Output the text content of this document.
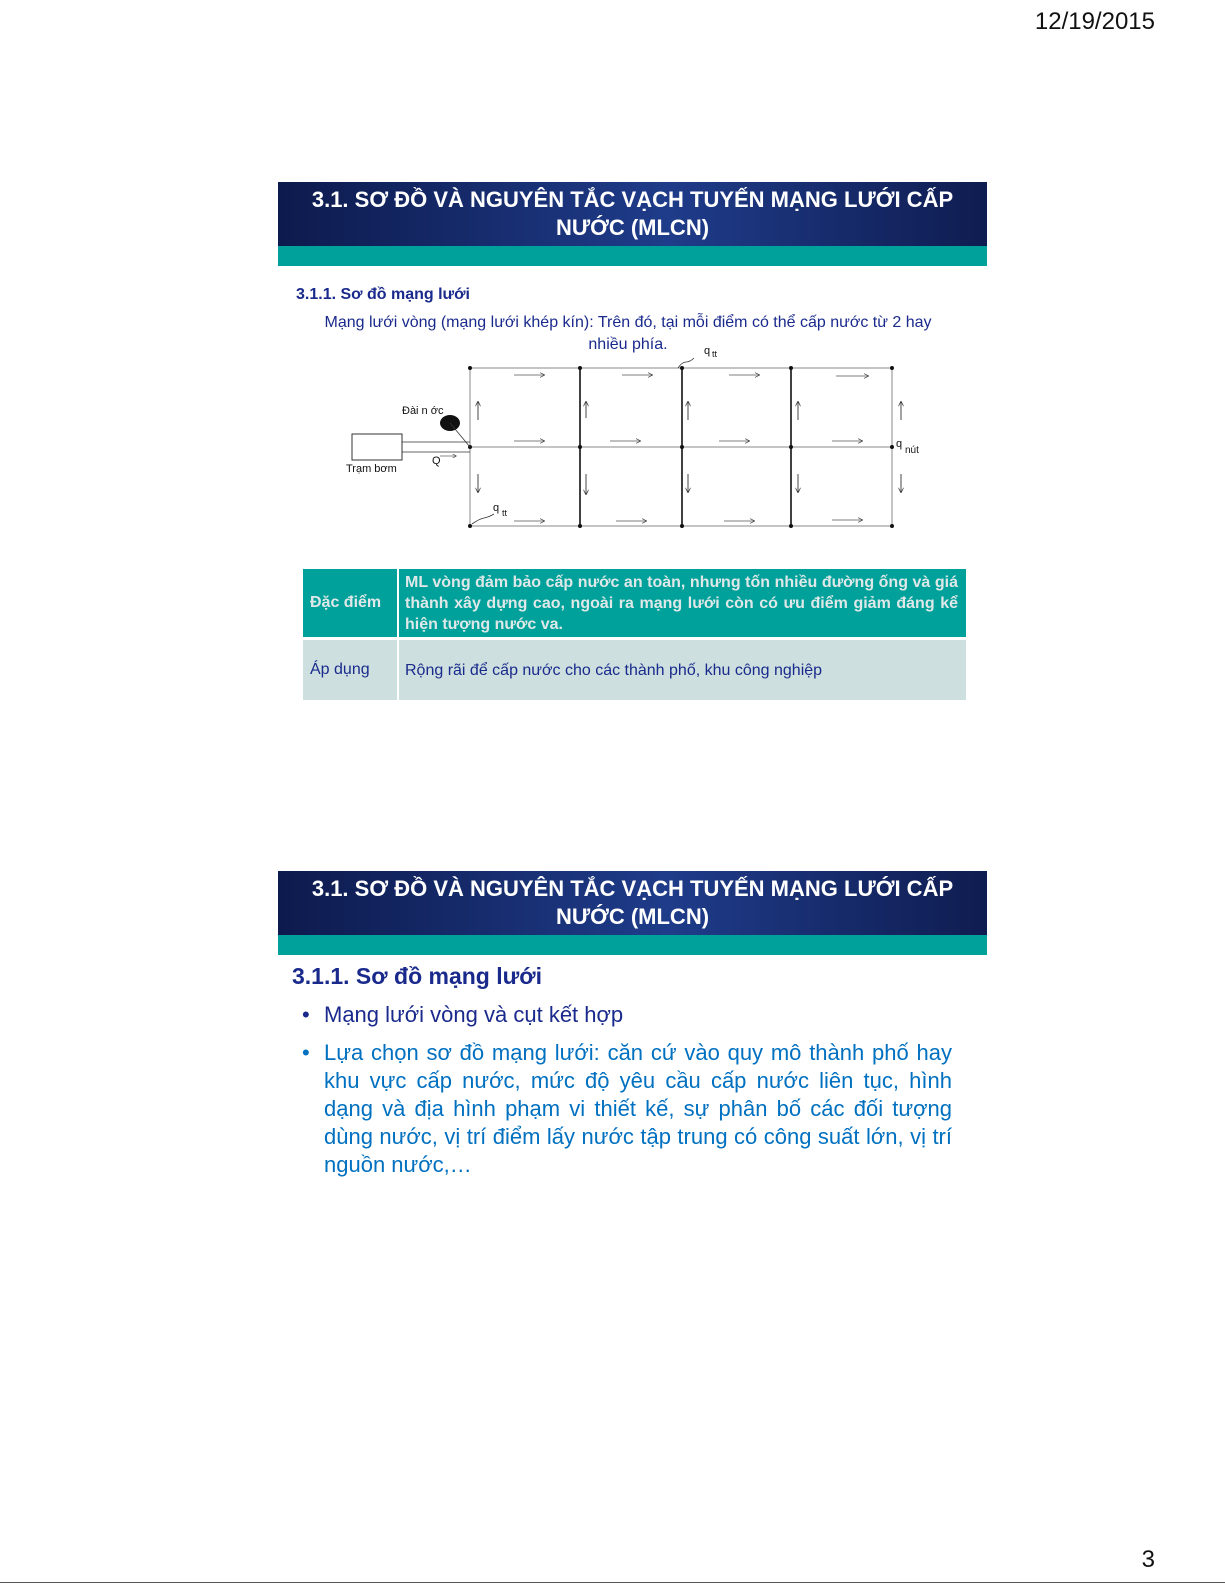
12/19/2015
3.1. SƠ ĐỒ VÀ NGUYÊN TẮC VẠCH TUYẾN MẠNG LƯỚI CẤP NƯỚC (MLCN)
3.1.1. Sơ đồ mạng lưới
Mạng lưới vòng (mạng lưới khép kín): Trên đó, tại mỗi điểm có thể cấp nước từ 2 hay nhiều phía.
Đài n ớc
Trạm bơm
Q
q tt
q tt
q
nút
Đặc điểm	ML vòng đảm bảo cấp nước an toàn, nhưng tốn nhiều đường ống và giá thành xây dựng cao, ngoài ra mạng lưới còn có ưu điểm giảm đáng kể hiện tượng nước va.
Áp dụng	Rộng rãi để cấp nước cho các thành phố, khu công nghiệp
3.1. SƠ ĐỒ VÀ NGUYÊN TẮC VẠCH TUYẾN MẠNG LƯỚI CẤP NƯỚC (MLCN)
3.1.1. Sơ đồ mạng lưới
• Mạng lưới vòng và cụt kết hợp
• Lựa chọn sơ đồ mạng lưới: căn cứ vào quy mô thành phố hay khu vực cấp nước, mức độ yêu cầu cấp nước liên tục, hình dạng và địa hình phạm vi thiết kế, sự phân bố các đối tượng dùng nước, vị trí điểm lấy nước tập trung có công suất lớn, vị trí nguồn nước,…
3
